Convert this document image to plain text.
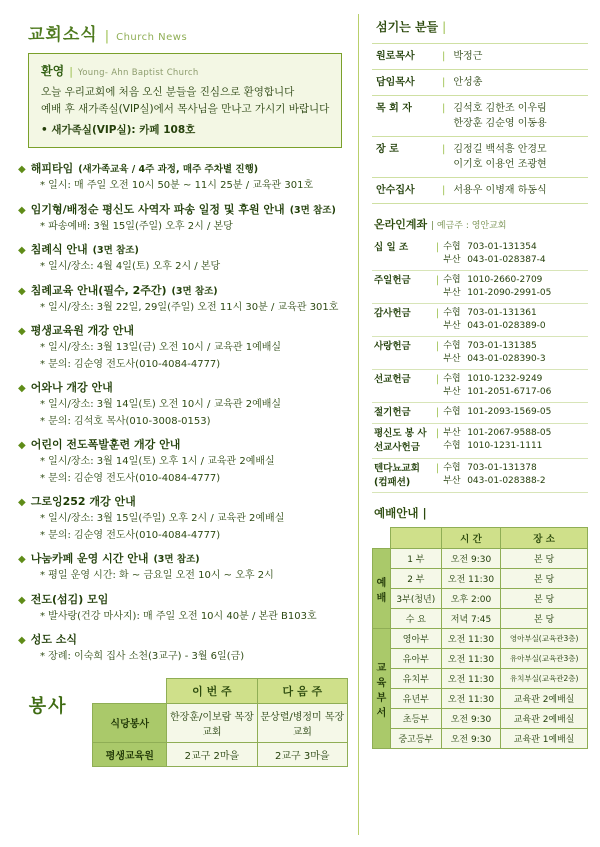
교회소식 | Church News
환영 | Young- Ahn Baptist Church

오늘 우리교회에 처음 오신 분들을 진심으로 환영합니다

예배 후 새가족실(VIP실)에서 목사님을 만나고 가시기 바랍니다

• 새가족실(VIP실): 카페 108호
◆ 해피타임 (새가족교육 / 4주 과정, 매주 주차별 진행)
* 일시: 매 주일 오전 10시 50분 ~ 11시 25분 / 교육관 301호
◆ 임기형/배정순 평신도 사역자 파송 일정 및 후원 안내 (3면 참조)
* 파송예배: 3월 15일(주일) 오후 2시 / 본당
◆ 침례식 안내 (3면 참조)
* 일시/장소: 4월 4일(토) 오후 2시 / 본당
◆ 침례교육 안내(필수, 2주간) (3면 참조)
* 일시/장소: 3월 22일, 29일(주일) 오전 11시 30분 / 교육관 301호
◆ 평생교육원 개강 안내
* 일시/장소: 3월 13일(금) 오전 10시 / 교육관 1예배실
* 문의: 김순영 전도사(010-4084-4777)
◆ 어와나 개강 안내
* 일시/장소: 3월 14일(토) 오전 10시 / 교육관 2예배실
* 문의: 김석호 목사(010-3008-0153)
◆ 어린이 전도폭발훈련 개강 안내
* 일시/장소: 3월 14일(토) 오후 1시 / 교육관 2예배실
* 문의: 김순영 전도사(010-4084-4777)
◆ 그로잉252 개강 안내
* 일시/장소: 3월 15일(주일) 오후 2시 / 교육관 2예배실
* 문의: 김순영 전도사(010-4084-4777)
◆ 나눔카페 운영 시간 안내 (3면 참조)
* 평일 운영 시간: 화 ~ 금요일 오전 10시 ~ 오후 2시
◆ 전도(섬김) 모임
* 발사랑(건강 마사지): 매 주일 오전 10시 40분 / 본관 B103호
◆ 성도 소식
* 장례: 이숙희 집사 소천(3교구) - 3월 6일(금)
봉사
	이 번 주	다 음 주
식당봉사	한장훈/이보람 목장교회	문상렬/병정미 목장교회
평생교육원	2교구 2마을	2교구 3마을
섬기는 분들 |
원로목사	|	박정근

담임목사	|	안성총

목 회 자	|	김석호 김한조 이우림
한장훈 김순영 이동용

장 로	|	김정길 백석흥 안경모
이기호 이용언 조광현

안수집사	|	서용우 이병재 하동식
온라인계좌 | 예금주 : 영안교회
십 일 조	|	수협 703-01-131354
부산 043-01-028387-4

주일헌금	|	수협 1010-2660-2709
부산 101-2090-2991-05

감사헌금	|	수협 703-01-131361
부산 043-01-028389-0

사랑헌금	|	수협 703-01-131385
부산 043-01-028390-3

선교헌금	|	수협 1010-1232-9249
부산 101-2051-6717-06

절기헌금	|	수협 101-2093-1569-05

평신도 봉 사
선교사헌금
	|	부산 101-2067-9588-05
수협 1010-1231-1111

텐다뇨교회
(컴패션)
	|	수협 703-01-131378
부산 043-01-028388-2
예배안내 |
		시 간	장 소
예배	1 부	오전 9:30	본 당
	2 부	오전 11:30	본 당
	3부(청년)	오후 2:00	본 당
	수 요	저녁 7:45	본 당
교육부서	영아부	오전 11:30	영아부실(교육관3층)
	유아부	오전 11:30	유아부실(교육관3층)
	유치부	오전 11:30	유치부실(교육관2층)
	유년부	오전 11:30	교육관 2예배실
	초등부	오전 9:30	교육관 2예배실
	중고등부	오전 9:30	교육관 1예배실
